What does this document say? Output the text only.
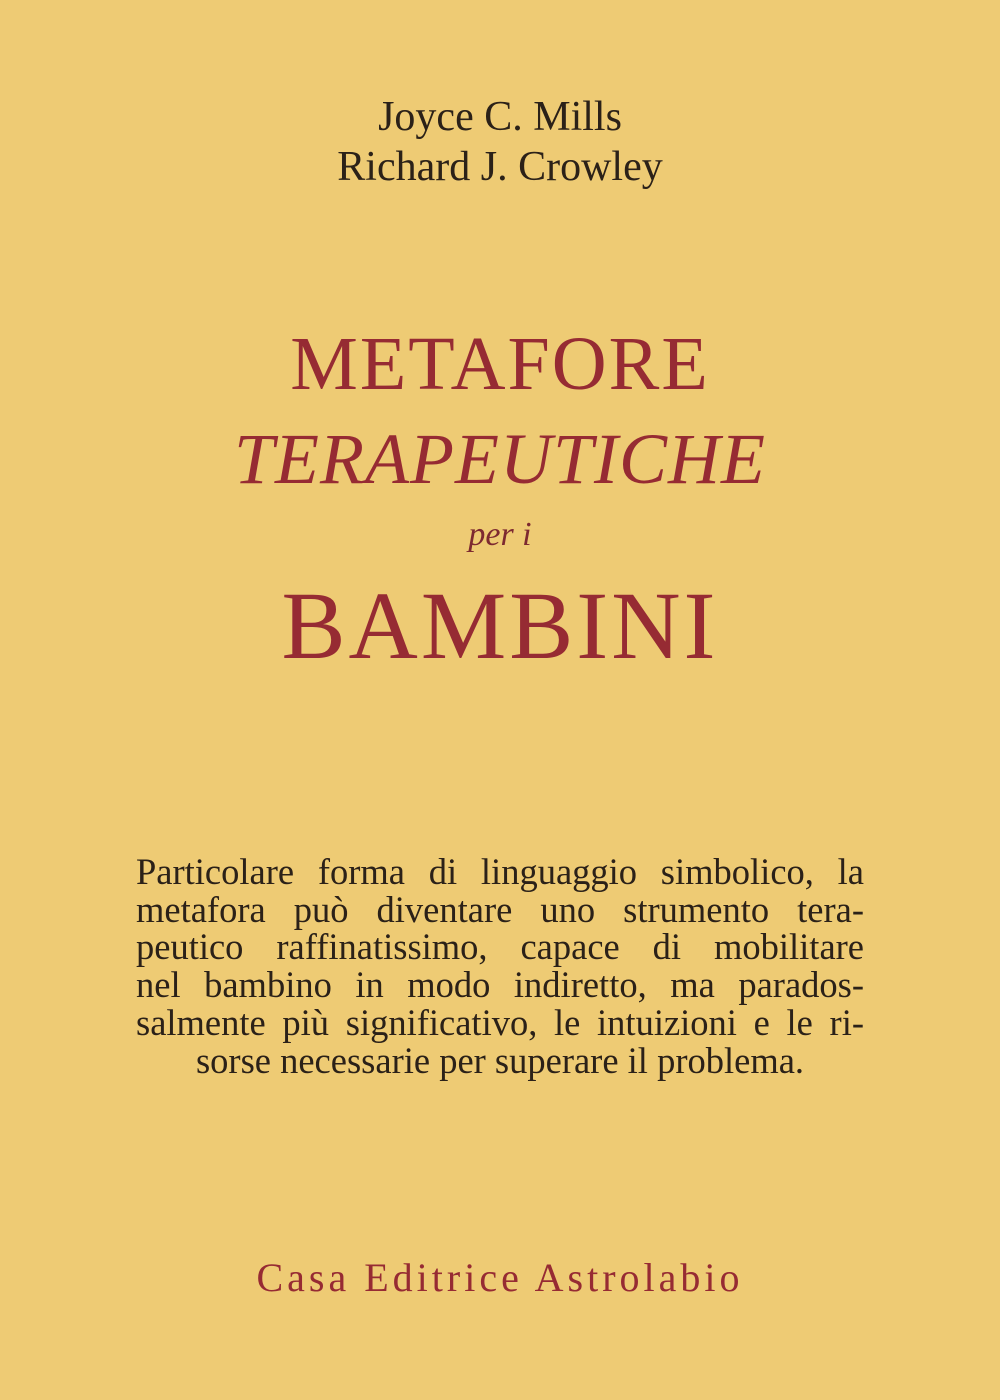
Joyce C. Mills
Richard J. Crowley
METAFORE
TERAPEUTICHE
per i
BAMBINI
Particolare forma di linguaggio simbolico, la
metafora può diventare uno strumento tera-
peutico raffinatissimo, capace di mobilitare
nel bambino in modo indiretto, ma parados-
salmente più significativo, le intuizioni e le ri-
sorse necessarie per superare il problema.
Casa Editrice Astrolabio
